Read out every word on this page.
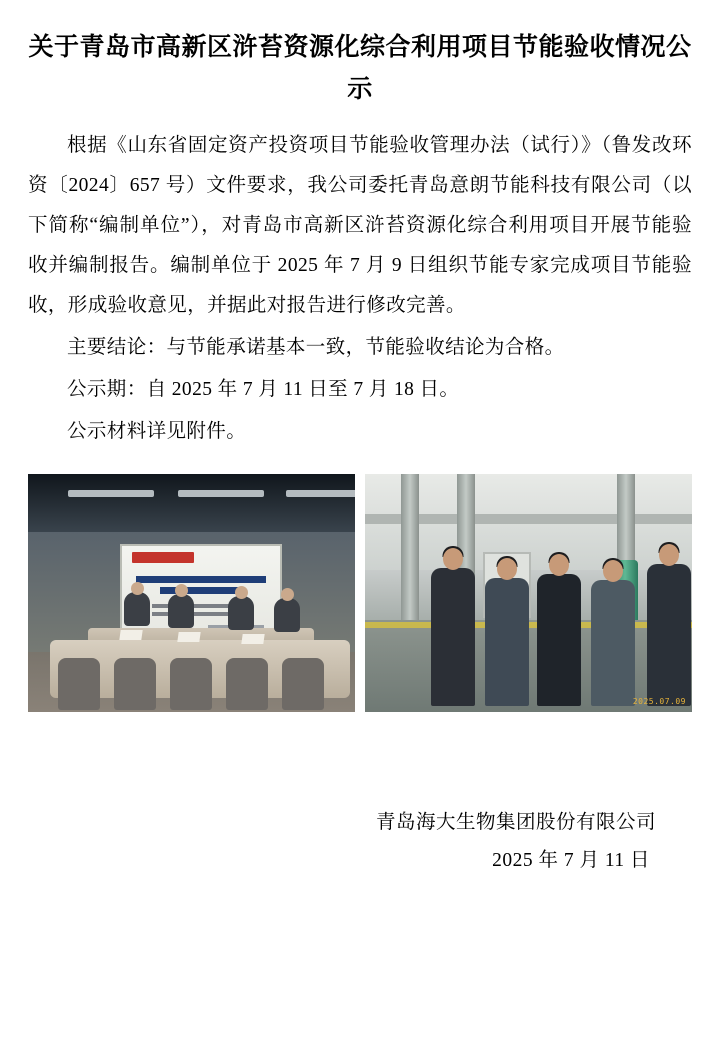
关于青岛市高新区浒苔资源化综合利用项目节能验收情况公示

根据《山东省固定资产投资项目节能验收管理办法（试行）》（鲁发改环资〔2024〕657 号）文件要求，我公司委托青岛意朗节能科技有限公司（以下简称“编制单位”），对青岛市高新区浒苔资源化综合利用项目开展节能验收并编制报告。编制单位于 2025 年 7 月 9 日组织节能专家完成项目节能验收，形成验收意见，并据此对报告进行修改完善。

主要结论：与节能承诺基本一致，节能验收结论为合格。

公示期：自 2025 年 7 月 11 日至 7 月 18 日。

公示材料详见附件。

2025.07.09
青岛海大生物集团股份有限公司
2025 年 7 月 11 日
